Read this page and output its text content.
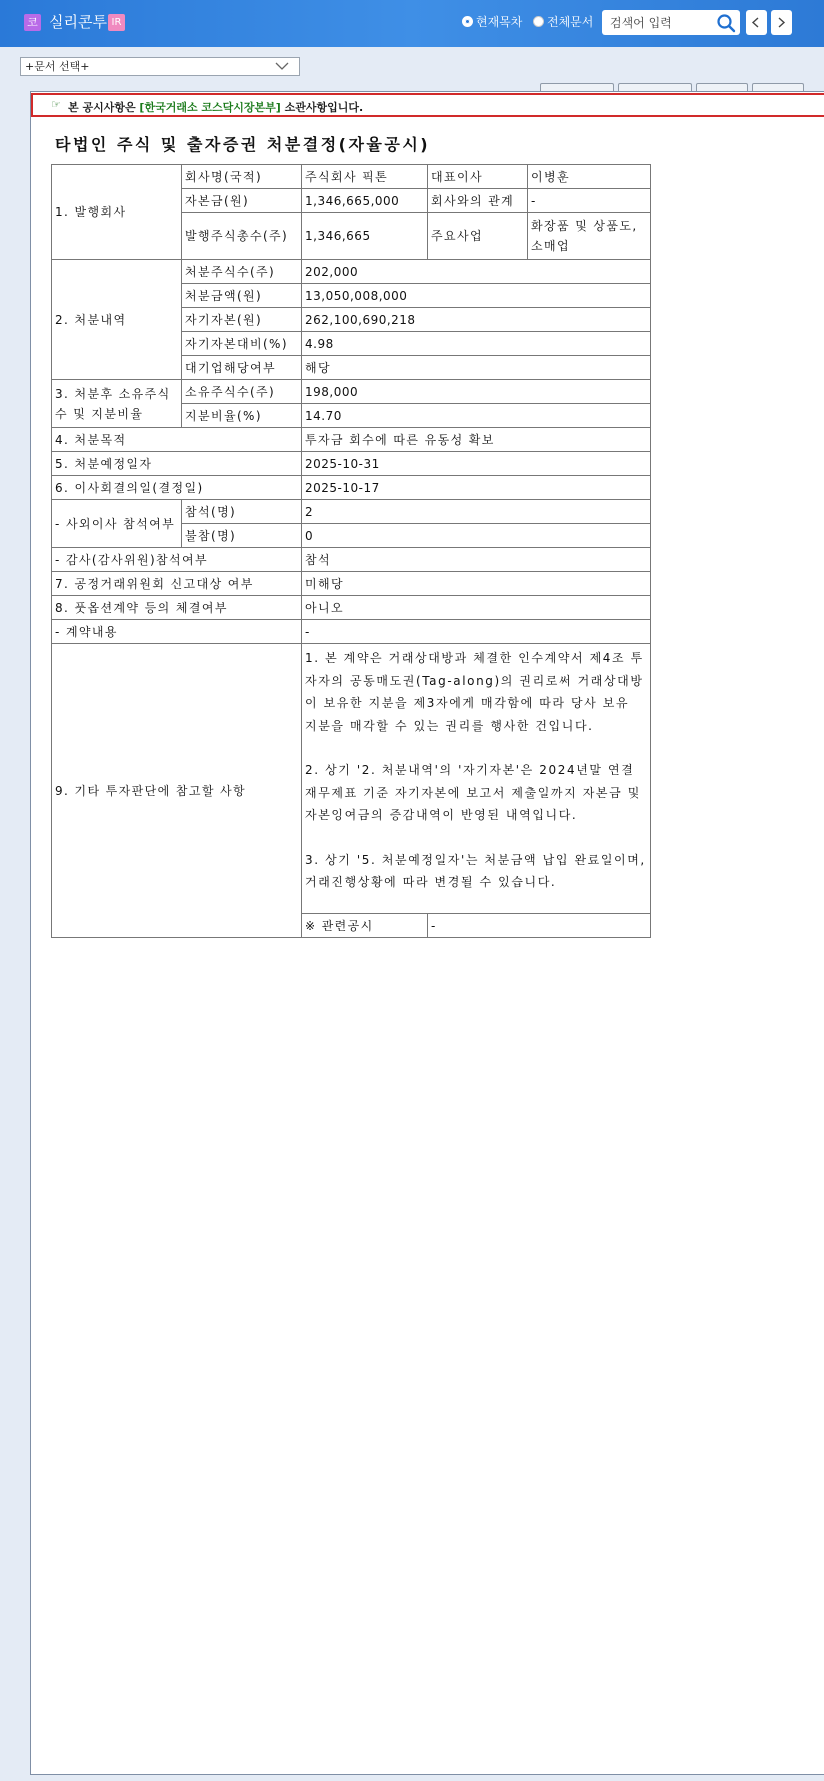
코 실리콘투 IR	현재목차 전체문서
검색어 입력
+문서 선택+
☞ 본 공시사항은 [한국거래소 코스닥시장본부] 소관사항입니다.
타법인 주식 및 출자증권 처분결정(자율공시)
1. 발행회사	회사명(국적)	주식회사 픽톤	대표이사	이병훈
	자본금(원)	1,346,665,000	회사와의 관계	-
	발행주식총수(주)	1,346,665	주요사업	화장품 및 상품도,소매업
2. 처분내역	처분주식수(주)	202,000		
	처분금액(원)	13,050,008,000		
	자기자본(원)	262,100,690,218		
	자기자본대비(%)	4.98		
	대기업해당여부	해당		
3. 처분후 소유주식수 및 지분비율	소유주식수(주)	198,000		
	지분비율(%)	14.70		
4. 처분목적		투자금 회수에 따른 유동성 확보		
5. 처분예정일자		2025-10-31		
6. 이사회결의일(결정일)		2025-10-17		
- 사외이사 참석여부	참석(명)	2		
	불참(명)	0		
- 감사(감사위원)참석여부		참석		
7. 공정거래위원회 신고대상 여부		미해당		
8. 풋옵션계약 등의 체결여부		아니오		
- 계약내용		-		
9. 기타 투자판단에 참고할 사항		1. 본 계약은 거래상대방과 체결한 인수계약서 제4조 투자자의 공동매도권(Tag-along)의 권리로써 거래상대방이 보유한 지분을 제3자에게 매각함에 따라 당사 보유 지분을 매각할 수 있는 권리를 행사한 건입니다.
2. 상기 '2. 처분내역'의 '자기자본'은 2024년말 연결재무제표 기준 자기자본에 보고서 제출일까지 자본금 및 자본잉여금의 증감내역이 반영된 내역입니다.
3. 상기 '5. 처분예정일자'는 처분금액 납입 완료일이며, 거래진행상황에 따라 변경될 수 있습니다.		

		※ 관련공시	-	
